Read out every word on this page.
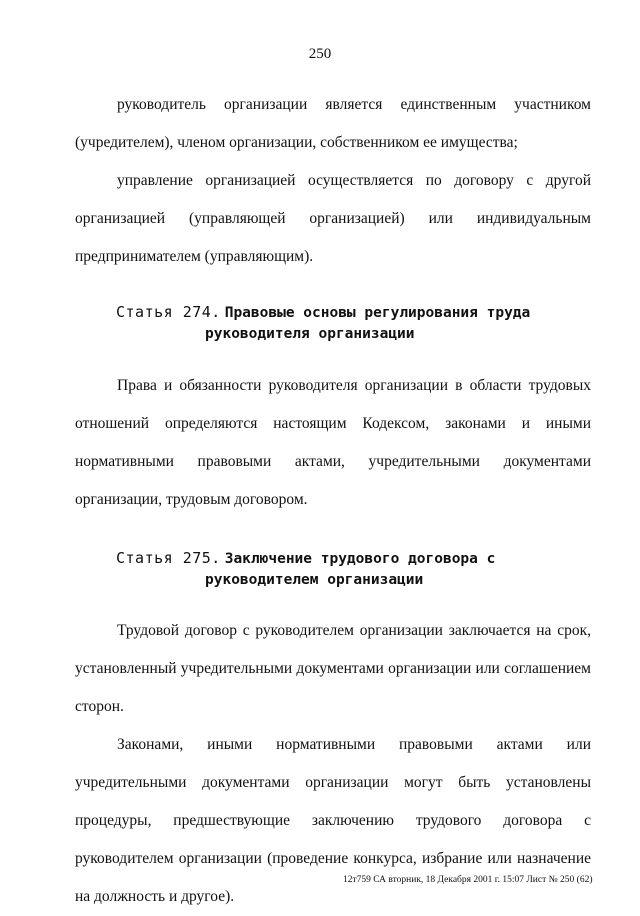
250

руководитель организации является единственным участником (учредителем), членом организации, собственником ее имущества;

управление организацией осуществляется по договору с другой организацией (управляющей организацией) или индивидуальным предпринимателем (управляющим).

Статья 274. Правовые основы регулирования труда
руководителя организации

Права и обязанности руководителя организации в области трудовых отношений определяются настоящим Кодексом, законами и иными нормативными правовыми актами, учредительными документами организации, трудовым договором.

Статья 275. Заключение трудового договора с
руководителем организации

Трудовой договор с руководителем организации заключается на срок, установленный учредительными документами организации или соглашением сторон.

Законами, иными нормативными правовыми актами или учредительными документами организации могут быть установлены процедуры, предшествующие заключению трудового договора с руководителем организации (проведение конкурса, избрание или назначение на должность и другое).

12т759 СА вторник, 18 Декабря 2001 г. 15:07 Лист № 250 (62)
